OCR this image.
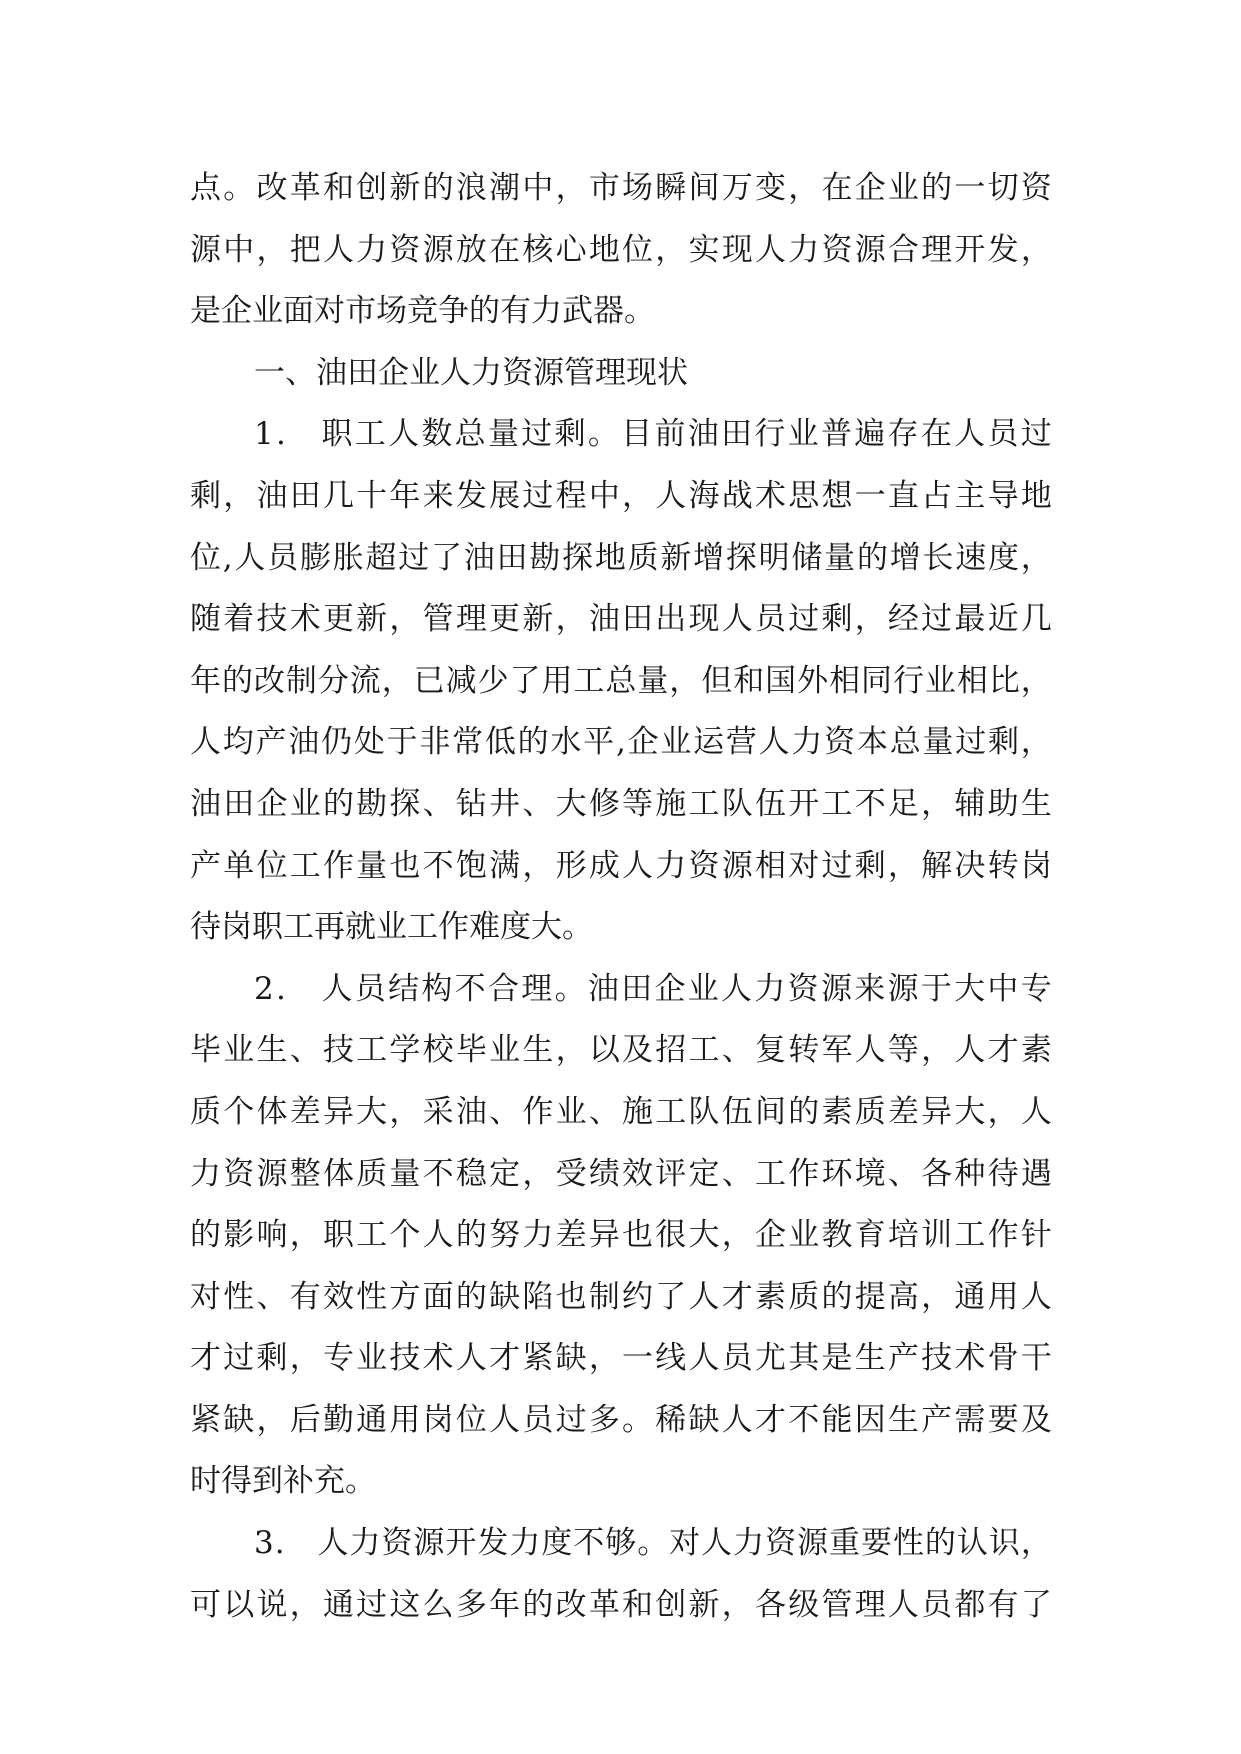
点 。 改 革 和 创 新 的 浪 潮 中 ， 市 场 瞬 间 万 变 ， 在 企 业 的 一 切 资
源 中 ， 把 人 力 资 源 放 在 核 心 地 位 ， 实 现 人 力 资 源 合 理 开 发 ，
是企业面对市场竞争的有力武器。
一、油田企业人力资源管理现状
1 .
　 职 工 人 数 总 量 过 剩 。 目 前 油 田 行 业 普 遍 存 在 人 员 过
剩 ， 油 田 几 十 年 来 发 展 过 程 中 ， 人 海 战 术 思 想 一 直 占 主 导 地
位 , 人 员 膨 胀 超 过 了 油 田 勘 探 地 质 新 增 探 明 储 量 的 增 长 速 度 ，
随 着 技 术 更 新 ， 管 理 更 新 ， 油 田 出 现 人 员 过 剩 ， 经 过 最 近 几
年 的 改 制 分 流 ， 已 减 少 了 用 工 总 量 ， 但 和 国 外 相 同 行 业 相 比 ，
人 均 产 油 仍 处 于 非 常 低 的 水 平 , 企 业 运 营 人 力 资 本 总 量 过 剩 ，
油 田 企 业 的 勘 探 、 钻 井 、 大 修 等 施 工 队 伍 开 工 不 足 ， 辅 助 生
产 单 位 工 作 量 也 不 饱 满 ， 形 成 人 力 资 源 相 对 过 剩 ， 解 决 转 岗
待岗职工再就业工作难度大。
2 .
　 人 员 结 构 不 合 理 。 油 田 企 业 人 力 资 源 来 源 于 大 中 专
毕 业 生 、 技 工 学 校 毕 业 生 ， 以 及 招 工 、 复 转 军 人 等 ， 人 才 素
质 个 体 差 异 大 ， 采 油 、 作 业 、 施 工 队 伍 间 的 素 质 差 异 大 ， 人
力 资 源 整 体 质 量 不 稳 定 ， 受 绩 效 评 定 、 工 作 环 境 、 各 种 待 遇
的 影 响 ， 职 工 个 人 的 努 力 差 异 也 很 大 ， 企 业 教 育 培 训 工 作 针
对 性 、 有 效 性 方 面 的 缺 陷 也 制 约 了 人 才 素 质 的 提 高 ， 通 用 人
才 过 剩 ， 专 业 技 术 人 才 紧 缺 ， 一 线 人 员 尤 其 是 生 产 技 术 骨 干
紧 缺 ， 后 勤 通 用 岗 位 人 员 过 多 。 稀 缺 人 才 不 能 因 生 产 需 要 及
时得到补充。
3 .
　 人 力 资 源 开 发 力 度 不 够 。 对 人 力 资 源 重 要 性 的 认 识 ，
可 以 说 ， 通 过 这 么 多 年 的 改 革 和 创 新 ， 各 级 管 理 人 员 都 有 了
